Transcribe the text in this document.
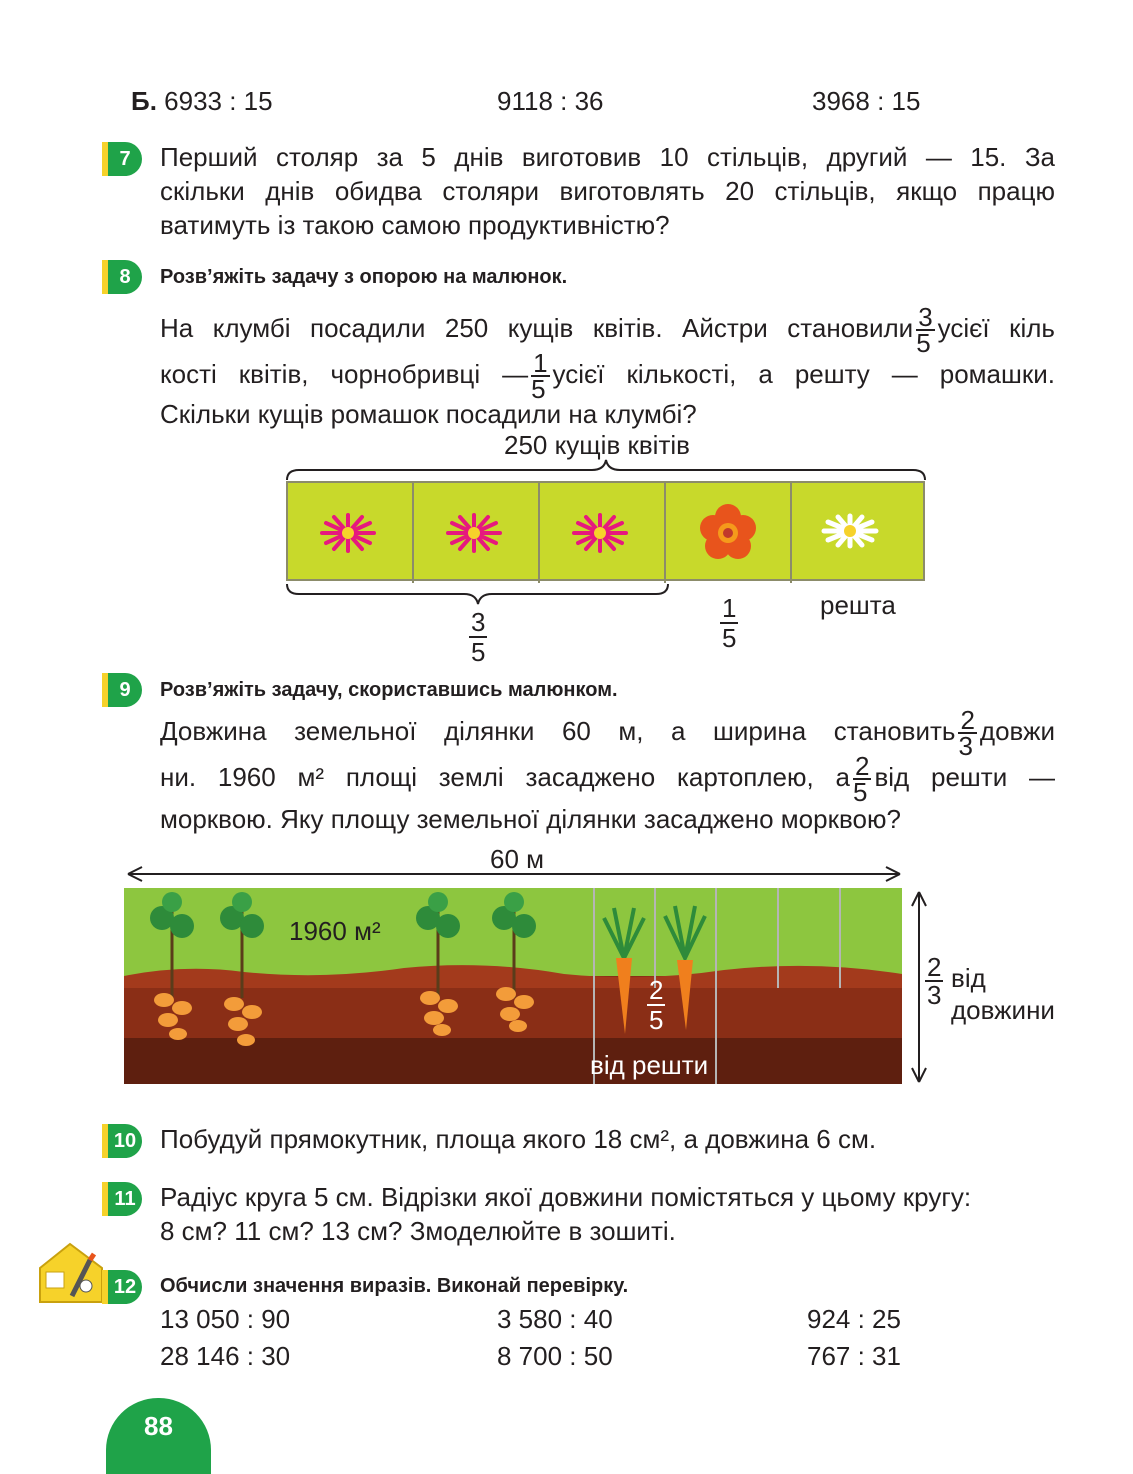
Б. 6933 : 15	9118 : 36	3968 : 15
7	Перший столяр за 5 днів виготовив 10 стільців, другий — 15. За
скільки днів обидва столяри виготовлять 20 стільців, якщо працю
ватимуть із такою самою продуктивністю?
8	Розв’яжіть задачу з опорою на малюнок.
На клумбі посадили 250 кущів квітів. Айстри становили $\frac{3}{5}$ усієї кіль
кості квітів, чорнобривці — $\frac{1}{5}$ усієї кількості, а решту — ромашки.
Скільки кущів ромашок посадили на клумбі?
250 кущів квітів
$\frac{3}{5}$	$\frac{1}{5}$	решта
9	Розв’яжіть задачу, скориставшись малюнком.
Довжина земельної ділянки 60 м, а ширина становить $\frac{2}{3}$ довжи
ни. 1960 м² площі землі засаджено картоплею, а $\frac{2}{5}$ від решти —
морквою. Яку площу земельної ділянки засаджено морквою?
60 м
1960 м²
$\frac{2}{5}$
від решти
$\frac{2}{3}$ від
довжини
10 Побудуй прямокутник, площа якого 18 см², а довжина 6 см.
11 Радіус круга 5 см. Відрізки якої довжини помістяться у цьому кругу:
8 см? 11 см? 13 см? Змоделюйте в зошиті.
12 Обчисли значення виразів. Виконай перевірку.
13 050 : 90	3 580 : 40	924 : 25
28 146 : 30	8 700 : 50	767 : 31
88
